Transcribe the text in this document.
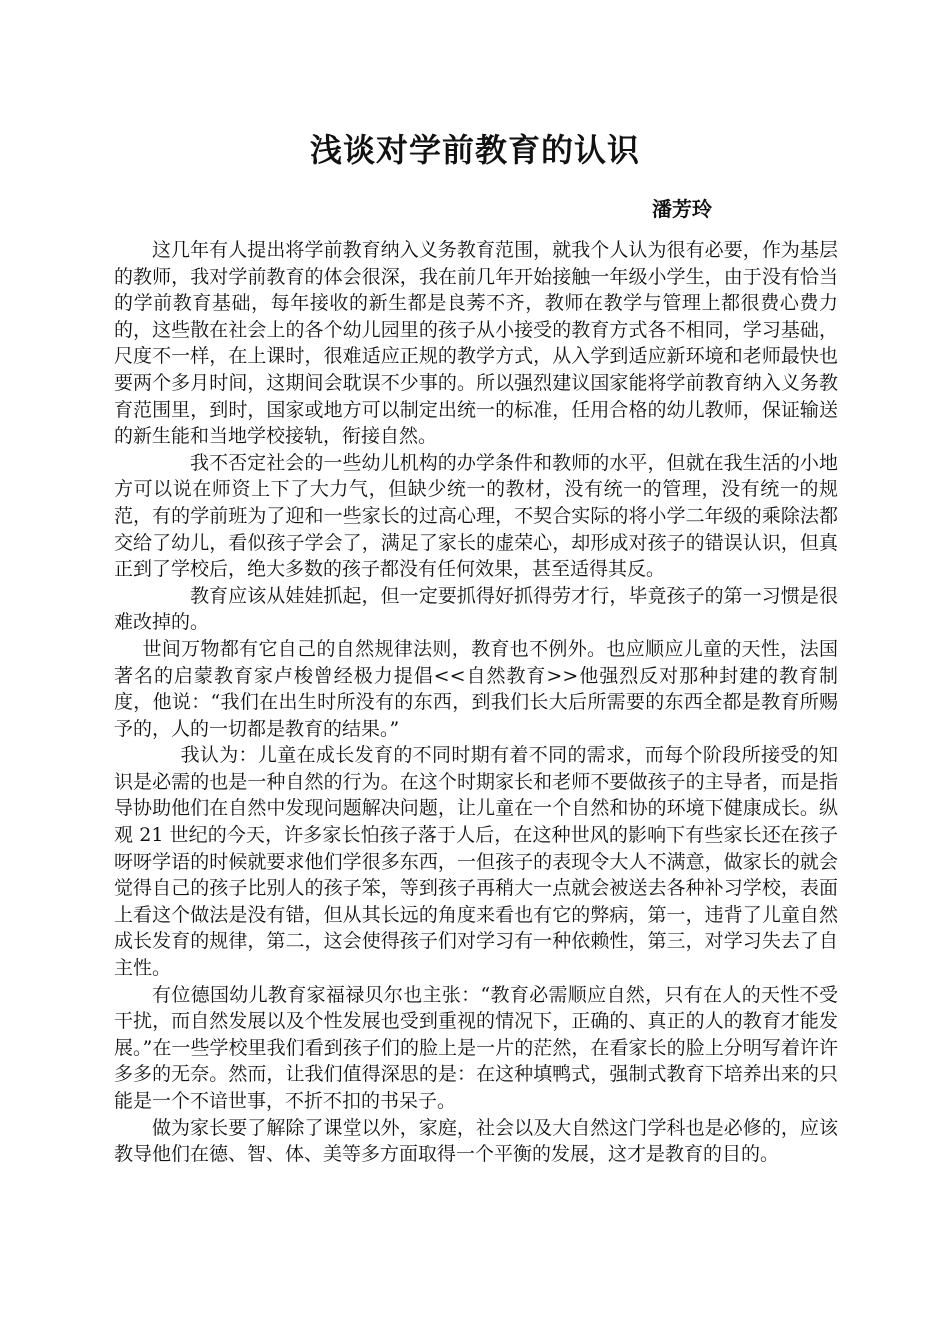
浅谈对学前教育的认识

潘芳玲

这几年有人提出将学前教育纳入义务教育范围，就我个人认为很有必要，作为基层的教师，我对学前教育的体会很深，我在前几年开始接触一年级小学生，由于没有恰当的学前教育基础，每年接收的新生都是良莠不齐，教师在教学与管理上都很费心费力的，这些散在社会上的各个幼儿园里的孩子从小接受的教育方式各不相同，学习基础，尺度不一样，在上课时，很难适应正规的教学方式，从入学到适应新环境和老师最快也要两个多月时间，这期间会耽误不少事的。所以强烈建议国家能将学前教育纳入义务教育范围里，到时，国家或地方可以制定出统一的标准，任用合格的幼儿教师，保证输送的新生能和当地学校接轨，衔接自然。

我不否定社会的一些幼儿机构的办学条件和教师的水平，但就在我生活的小地方可以说在师资上下了大力气，但缺少统一的教材，没有统一的管理，没有统一的规范，有的学前班为了迎和一些家长的过高心理，不契合实际的将小学二年级的乘除法都交给了幼儿，看似孩子学会了，满足了家长的虚荣心，却形成对孩子的错误认识，但真正到了学校后，绝大多数的孩子都没有任何效果，甚至适得其反。

教育应该从娃娃抓起，但一定要抓得好抓得劳才行，毕竟孩子的第一习惯是很难改掉的。

世间万物都有它自己的自然规律法则，教育也不例外。也应顺应儿童的天性，法国著名的启蒙教育家卢梭曾经极力提倡<<自然教育>>他强烈反对那种封建的教育制度，他说：“我们在出生时所没有的东西，到我们长大后所需要的东西全都是教育所赐予的，人的一切都是教育的结果。”

我认为：儿童在成长发育的不同时期有着不同的需求，而每个阶段所接受的知识是必需的也是一种自然的行为。在这个时期家长和老师不要做孩子的主导者，而是指导协助他们在自然中发现问题解决问题，让儿童在一个自然和协的环境下健康成长。纵观 21 世纪的今天，许多家长怕孩子落于人后，在这种世风的影响下有些家长还在孩子呀呀学语的时候就要求他们学很多东西，一但孩子的表现令大人不满意，做家长的就会觉得自己的孩子比别人的孩子笨，等到孩子再稍大一点就会被送去各种补习学校，表面上看这个做法是没有错，但从其长远的角度来看也有它的弊病，第一，违背了儿童自然成长发育的规律，第二，这会使得孩子们对学习有一种依赖性，第三，对学习失去了自主性。

有位德国幼儿教育家福禄贝尔也主张：“教育必需顺应自然，只有在人的天性不受干扰，而自然发展以及个性发展也受到重视的情况下，正确的、真正的人的教育才能发展。”在一些学校里我们看到孩子们的脸上是一片的茫然，在看家长的脸上分明写着许许多多的无奈。然而，让我们值得深思的是：在这种填鸭式，强制式教育下培养出来的只能是一个不谙世事，不折不扣的书呆子。

做为家长要了解除了课堂以外，家庭，社会以及大自然这门学科也是必修的，应该教导他们在德、智、体、美等多方面取得一个平衡的发展，这才是教育的目的。
